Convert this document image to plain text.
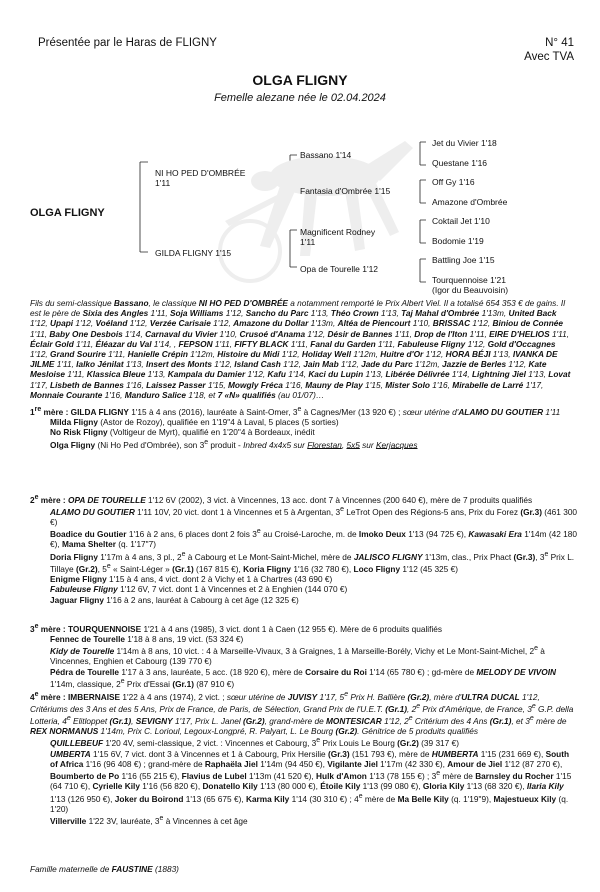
Présentée par le Haras de FLIGNY	N° 41
Avec TVA
OLGA FLIGNY
Femelle alezane née le 02.04.2024
OLGA FLIGNY
NI HO PED D'OMBRÉE
1'11
GILDA FLIGNY 1'15
Bassano 1'14
Fantasia d'Ombrée 1'15
Magnificent Rodney
1'11
Opa de Tourelle 1'12
Jet du Vivier 1'18
Questane 1'16
Off Gy 1'16
Amazone d'Ombrée
Coktail Jet 1'10
Bodomie 1'19
Battling Joe 1'15
Tourquennoise 1'21
(Igor du Beauvoisin)
Fils du semi-classique Bassano, le classique NI HO PED D'OMBRÉE a notamment remporté le Prix Albert Viel. Il a totalisé 654 353 € de gains. Il est le père de Sixia des Angles 1'11, Soja Williams 1'12, Sancho du Parc 1'13, Théo Crown 1'13, Taj Mahal d'Ombrée 1'13m, United Back 1'12, Upapi 1'12, Voéland 1'12, Verzée Carisaie 1'12, Amazone du Dollar 1'13m, Altéa de Piencourt 1'10, BRISSAC 1'12, Biniou de Connée 1'11, Baby One Desbois 1'14, Carnaval du Vivier 1'10, Crusoé d'Anama 1'12, Désir de Bannes 1'11, Drop de l'Iton 1'11, EIRE D'HELIOS 1'11, Éclair Gold 1'11, Éléazar du Val 1'14, , FEPSON 1'11, FIFTY BLACK 1'11, Fanal du Garden 1'11, Fabuleuse Fligny 1'12, Gold d'Occagnes 1'12, Grand Sourire 1'11, Hanielle Crépin 1'12m, Histoire du Midi 1'12, Holiday Well 1'12m, Huitre d'Or 1'12, HORA BÉJI 1'13, IVANKA DE JILME 1'11, Ialko Jénilat 1'13, Insert des Monts 1'12, Island Cash 1'12, Jain Mab 1'12, Jade du Parc 1'12m, Jazzie de Berles 1'12, Kate Mesloise 1'11, Klassica Bleue 1'13, Kampala du Damier 1'12, Kafu 1'14, Kaci du Lupin 1'13, Libérée Délivrée 1'14, Lightning Jiel 1'13, Lovat 1'17, Lisbeth de Bannes 1'16, Laissez Passer 1'15, Mowgly Fréca 1'16, Mauny de Play 1'15, Mister Solo 1'16, Mirabelle de Larré 1'17, Monnaie Courante 1'16, Manduro Salice 1'18, et 7 «N» qualifiés (au 01/07)…
1re mère : GILDA FLIGNY 1'15 à 4 ans (2016), lauréate à Saint-Omer, 3e à Cagnes/Mer (13 920 €) ; sœur utérine d'ALAMO DU GOUTIER 1'11
Milda Fligny (Astor de Rozoy), qualifiée en 1'19"4 à Laval, 5 places (5 sorties)
No Risk Fligny (Voltigeur de Myrt), qualifié en 1'20"4 à Bordeaux, inédit
Olga Fligny (Ni Ho Ped d'Ombrée), son 3e produit - Inbred 4x4x5 sur Florestan, 5x5 sur Kerjacques
2e mère : OPA DE TOURELLE 1'12 6V (2002), 3 vict. à Vincennes, 13 acc. dont 7 à Vincennes (200 640 €), mère de 7 produits qualifiés
ALAMO DU GOUTIER 1'11 10V, 20 vict. dont 1 à Vincennes et 5 à Argentan, 3e LeTrot Open des Régions-5 ans, Prix du Forez (Gr.3) (461 300 €)
Boadice du Goutier 1'16 à 2 ans, 6 places dont 2 fois 3e au Croisé-Laroche, m. de Imoko Deux 1'13 (94 725 €), Kawasaki Era 1'14m (42 180 €), Mama Shelter (q. 1'17"7)
Doria Fligny 1'17m à 4 ans, 3 pl., 2e à Cabourg et Le Mont-Saint-Michel, mère de JALISCO FLIGNY 1'13m, clas., Prix Phact (Gr.3), 3e Prix L. Tillaye (Gr.2), 5e « Saint-Léger » (Gr.1) (167 815 €), Koria Fligny 1'16 (32 780 €), Loco Fligny 1'12 (45 325 €)
Enigme Fligny 1'15 à 4 ans, 4 vict. dont 2 à Vichy et 1 à Chartres (43 690 €)
Fabuleuse Fligny 1'12 6V, 7 vict. dont 1 à Vincennes et 2 à Enghien (144 070 €)
Jaguar Fligny 1'16 à 2 ans, lauréat à Cabourg à cet âge (12 325 €)
3e mère : TOURQUENNOISE 1'21 à 4 ans (1985), 3 vict. dont 1 à Caen (12 955 €). Mère de 6 produits qualifiés
Fennec de Tourelle 1'18 à 8 ans, 19 vict. (53 324 €)
Kidy de Tourelle 1'14m à 8 ans, 10 vict. : 4 à Marseille-Vivaux, 3 à Graignes, 1 à Marseille-Borély, Vichy et Le Mont-Saint-Michel, 2e à Vincennes, Enghien et Cabourg (139 770 €)
Pédra de Tourelle 1'17 à 3 ans, lauréate, 5 acc. (18 920 €), mère de Corsaire du Roi 1'14 (65 780 €) ; gd-mère de MELODY DE VIVOIN 1'14m, classique, 2e Prix d'Essai (Gr.1) (87 910 €)
4e mère : IMBERNAISE 1'22 à 4 ans (1974), 2 vict. ; sœur utérine de JUVISY 1'17, 5e Prix H. Ballière (Gr.2), mère d'ULTRA DUCAL 1'12, Critériums des 3 Ans et des 5 Ans, Prix de France, de Paris, de Sélection, Grand Prix de l'U.E.T. (Gr.1), 2e Prix d'Amérique, de France, 3e G.P. della Lotteria, 4e Elitloppet (Gr.1), SEVIGNY 1'17, Prix L. Janel (Gr.2), grand-mère de MONTESICAR 1'12, 2e Critérium des 4 Ans (Gr.1), et 3e mère de REX NORMANUS 1'14m, Prix C. Lorioul, Legoux-Longpré, R. Palyart, L. Le Bourg (Gr.2). Génitrice de 5 produits qualifiés
QUILLEBEUF 1'20 4V, semi-classique, 2 vict. : Vincennes et Cabourg, 3e Prix Louis Le Bourg (Gr.2) (39 317 €)
UMBERTA 1'15 6V, 7 vict. dont 3 à Vincennes et 1 à Cabourg, Prix Hersilie (Gr.3) (151 793 €), mère de HUMBERTA 1'15 (231 669 €), South of Africa 1'16 (96 408 €) ; grand-mère de Raphaëla Jiel 1'14m (94 450 €), Vigilante Jiel 1'17m (42 330 €), Amour de Jiel 1'12 (87 270 €), Boumberto de Po 1'16 (55 215 €), Flavius de Lubel 1'13m (41 520 €), Hulk d'Amon 1'13 (78 155 €) ; 3e mère de Barnsley du Rocher 1'15 (64 710 €), Cyrielle Kily 1'16 (56 820 €), Donatello Kily 1'13 (80 000 €), Étoile Kily 1'13 (99 080 €), Gloria Kily 1'13 (68 320 €), Ilaria Kily 1'13 (126 950 €), Joker du Boirond 1'13 (65 675 €), Karma Kily 1'14 (30 310 €) ; 4e mère de Ma Belle Kily (q. 1'19"9), Majestueux Kily (q. 1'20)
Villerville 1'22 3V, lauréate, 3e à Vincennes à cet âge
Famille maternelle de FAUSTINE (1883)
